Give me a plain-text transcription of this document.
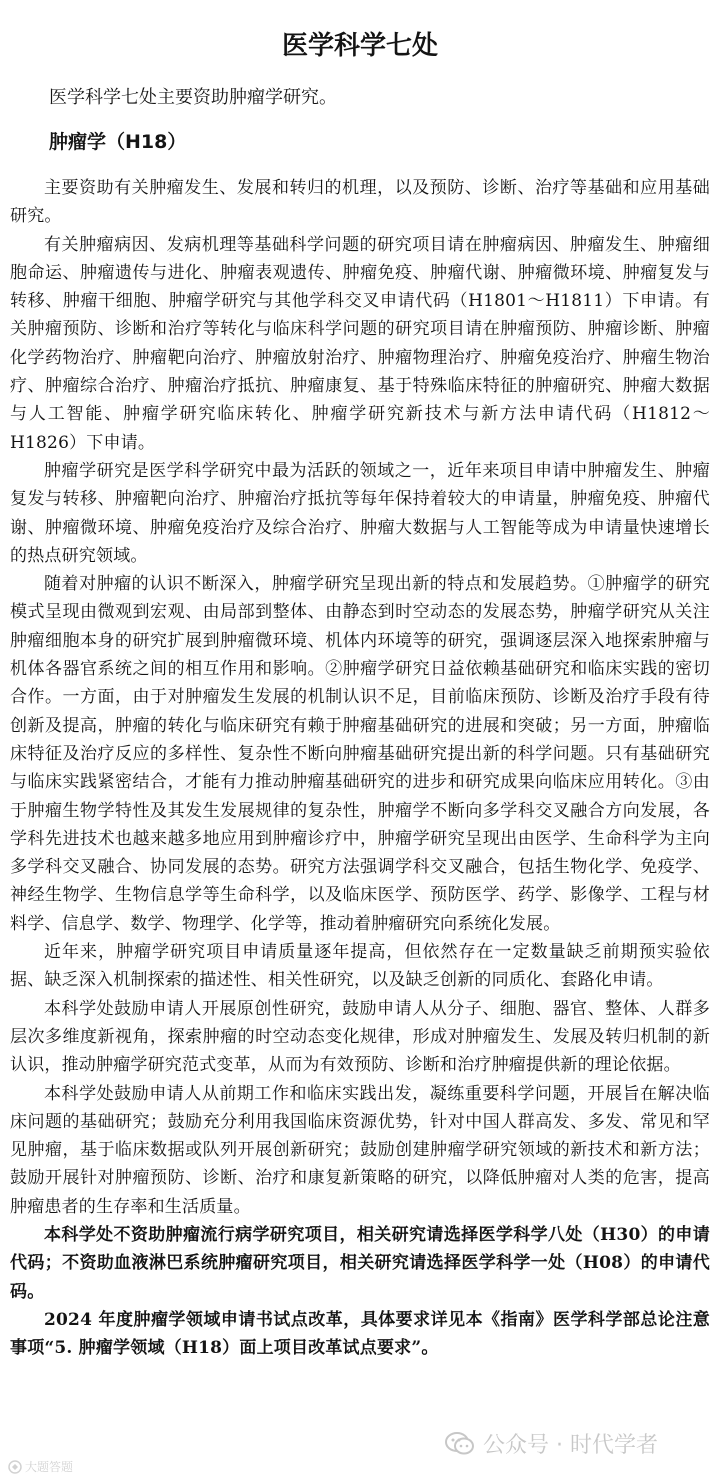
医学科学七处
医学科学七处主要资助肿瘤学研究。
肿瘤学（H18）

主要资助有关肿瘤发生、发展和转归的机理，以及预防、诊断、治疗等基础和应用基础研究。

有关肿瘤病因、发病机理等基础科学问题的研究项目请在肿瘤病因、肿瘤发生、肿瘤细胞命运、肿瘤遗传与进化、肿瘤表观遗传、肿瘤免疫、肿瘤代谢、肿瘤微环境、肿瘤复发与转移、肿瘤干细胞、肿瘤学研究与其他学科交叉申请代码（H1801～H1811）下申请。有关肿瘤预防、诊断和治疗等转化与临床科学问题的研究项目请在肿瘤预防、肿瘤诊断、肿瘤化学药物治疗、肿瘤靶向治疗、肿瘤放射治疗、肿瘤物理治疗、肿瘤免疫治疗、肿瘤生物治疗、肿瘤综合治疗、肿瘤治疗抵抗、肿瘤康复、基于特殊临床特征的肿瘤研究、肿瘤大数据与人工智能、肿瘤学研究临床转化、肿瘤学研究新技术与新方法申请代码（H1812～H1826）下申请。

肿瘤学研究是医学科学研究中最为活跃的领域之一，近年来项目申请中肿瘤发生、肿瘤复发与转移、肿瘤靶向治疗、肿瘤治疗抵抗等每年保持着较大的申请量，肿瘤免疫、肿瘤代谢、肿瘤微环境、肿瘤免疫治疗及综合治疗、肿瘤大数据与人工智能等成为申请量快速增长的热点研究领域。

随着对肿瘤的认识不断深入，肿瘤学研究呈现出新的特点和发展趋势。①肿瘤学的研究模式呈现由微观到宏观、由局部到整体、由静态到时空动态的发展态势，肿瘤学研究从关注肿瘤细胞本身的研究扩展到肿瘤微环境、机体内环境等的研究，强调逐层深入地探索肿瘤与机体各器官系统之间的相互作用和影响。②肿瘤学研究日益依赖基础研究和临床实践的密切合作。一方面，由于对肿瘤发生发展的机制认识不足，目前临床预防、诊断及治疗手段有待创新及提高，肿瘤的转化与临床研究有赖于肿瘤基础研究的进展和突破；另一方面，肿瘤临床特征及治疗反应的多样性、复杂性不断向肿瘤基础研究提出新的科学问题。只有基础研究与临床实践紧密结合，才能有力推动肿瘤基础研究的进步和研究成果向临床应用转化。③由于肿瘤生物学特性及其发生发展规律的复杂性，肿瘤学不断向多学科交叉融合方向发展，各学科先进技术也越来越多地应用到肿瘤诊疗中，肿瘤学研究呈现出由医学、生命科学为主向多学科交叉融合、协同发展的态势。研究方法强调学科交叉融合，包括生物化学、免疫学、神经生物学、生物信息学等生命科学，以及临床医学、预防医学、药学、影像学、工程与材料学、信息学、数学、物理学、化学等，推动着肿瘤研究向系统化发展。

近年来，肿瘤学研究项目申请质量逐年提高，但依然存在一定数量缺乏前期预实验依据、缺乏深入机制探索的描述性、相关性研究，以及缺乏创新的同质化、套路化申请。

本科学处鼓励申请人开展原创性研究，鼓励申请人从分子、细胞、器官、整体、人群多层次多维度新视角，探索肿瘤的时空动态变化规律，形成对肿瘤发生、发展及转归机制的新认识，推动肿瘤学研究范式变革，从而为有效预防、诊断和治疗肿瘤提供新的理论依据。

本科学处鼓励申请人从前期工作和临床实践出发，凝练重要科学问题，开展旨在解决临床问题的基础研究；鼓励充分利用我国临床资源优势，针对中国人群高发、多发、常见和罕见肿瘤，基于临床数据或队列开展创新研究；鼓励创建肿瘤学研究领域的新技术和新方法；鼓励开展针对肿瘤预防、诊断、治疗和康复新策略的研究，以降低肿瘤对人类的危害，提高肿瘤患者的生存率和生活质量。

本科学处不资助肿瘤流行病学研究项目，相关研究请选择医学科学八处（H30）的申请代码；不资助血液淋巴系统肿瘤研究项目，相关研究请选择医学科学一处（H08）的申请代码。

2024 年度肿瘤学领域申请书试点改革，具体要求详见本《指南》医学科学部总论注意事项“5. 肿瘤学领域（H18）面上项目改革试点要求”。

公众号 · 时代学者
大题答题
